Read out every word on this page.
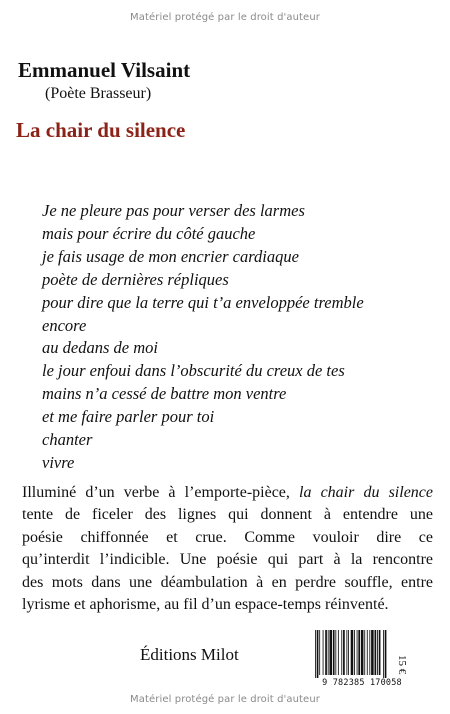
Matériel protégé par le droit d'auteur
Emmanuel Vilsaint
(Poète Brasseur)
La chair du silence
Je ne pleure pas pour verser des larmes
mais pour écrire du côté gauche
je fais usage de mon encrier cardiaque
poète de dernières répliques
pour dire que la terre qui t’a enveloppée tremble
encore
au dedans de moi
le jour enfoui dans l’obscurité du creux de tes
mains n’a cessé de battre mon ventre
et me faire parler pour toi
chanter
vivre
Illuminé d’un verbe à l’emporte-pièce, la chair du silence
tente de ficeler des lignes qui donnent à entendre une
poésie chiffonnée et crue. Comme vouloir dire ce
qu’interdit l’indicible. Une poésie qui part à la rencontre
des mots dans une déambulation à en perdre souffle, entre
lyrisme et aphorisme, au fil d’un espace-temps réinventé.
Éditions Milot
9 782385 170058
15 €
Matériel protégé par le droit d'auteur
